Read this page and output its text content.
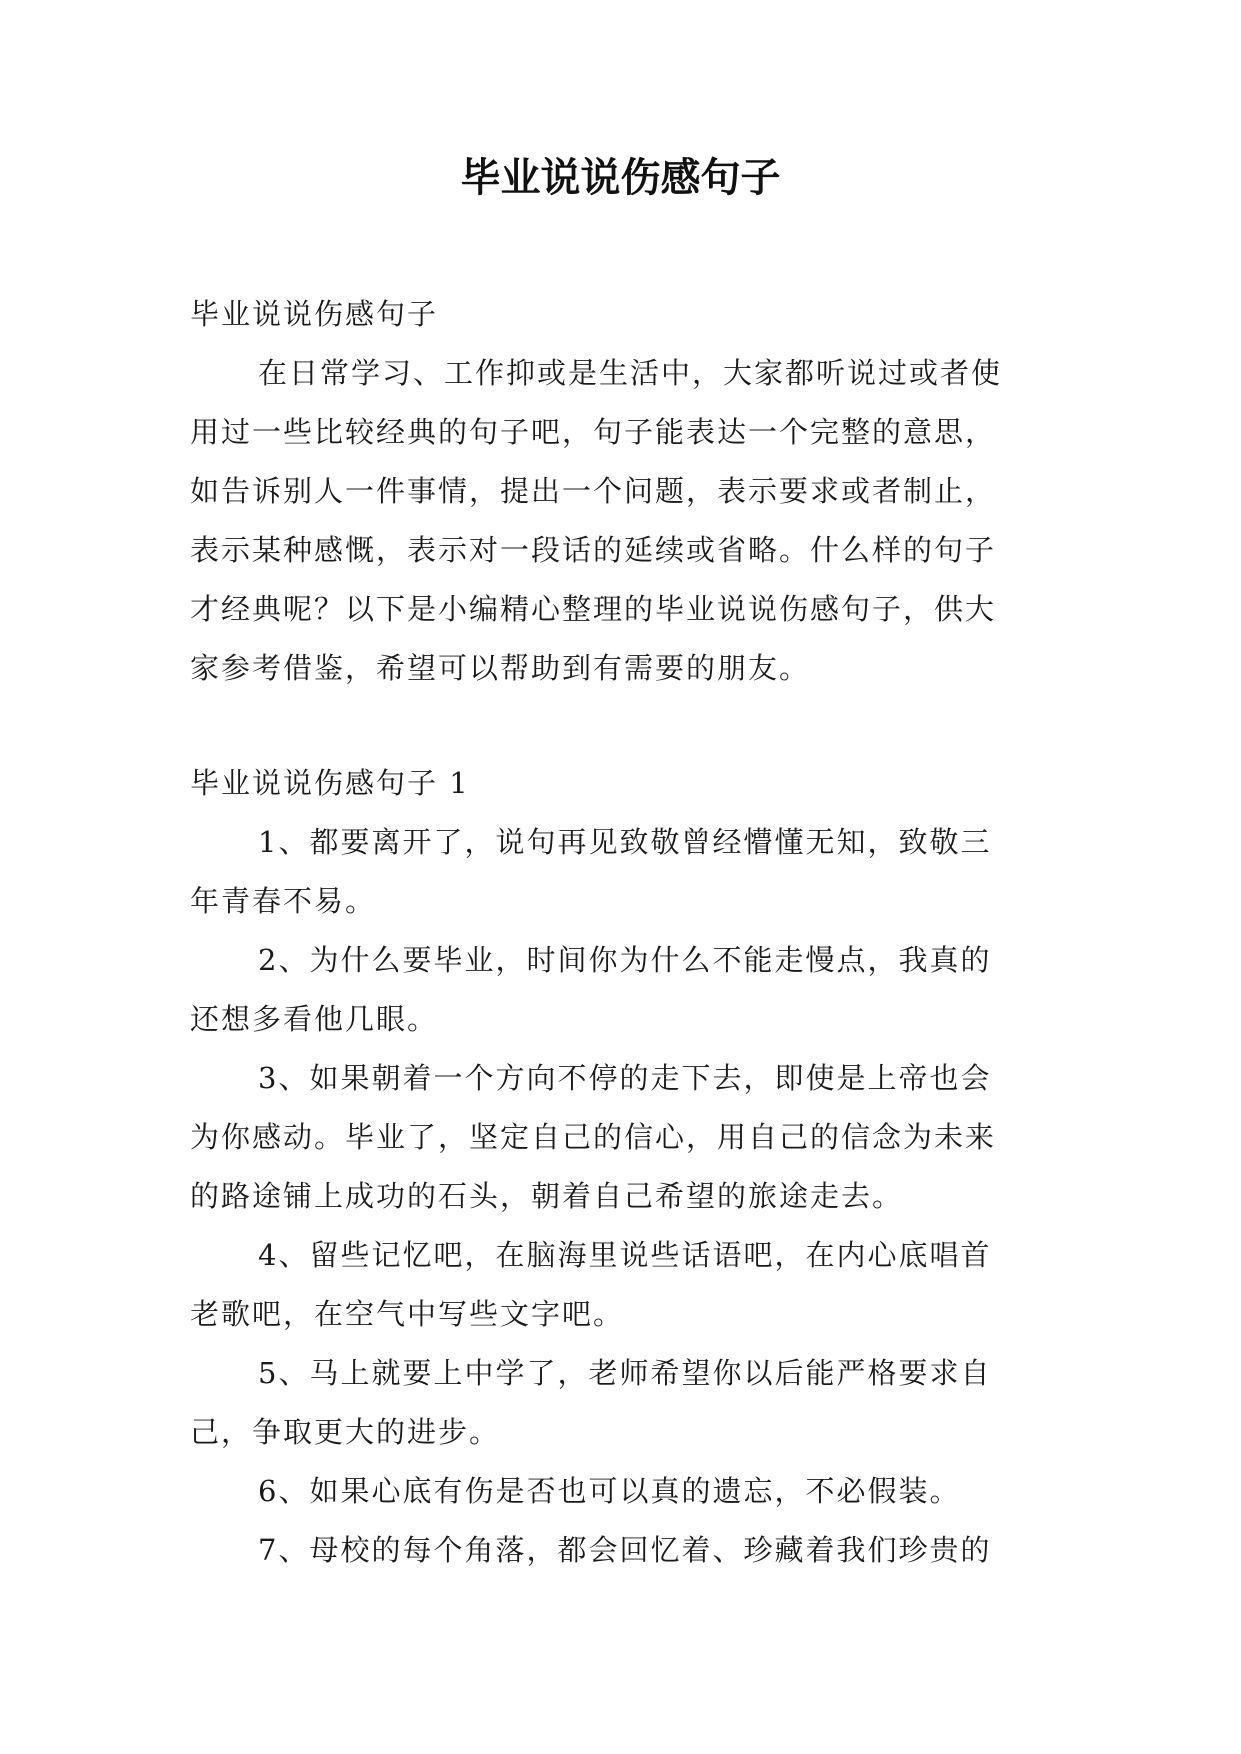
毕业说说伤感句子
毕业说说伤感句子
在日常学习、工作抑或是生活中，大家都听说过或者使
用过一些比较经典的句子吧，句子能表达一个完整的意思，
如告诉别人一件事情，提出一个问题，表示要求或者制止，
表示某种感慨，表示对一段话的延续或省略。什么样的句子
才经典呢？以下是小编精心整理的毕业说说伤感句子，供大
家参考借鉴，希望可以帮助到有需要的朋友。
毕业说说伤感句子 1
1、都要离开了，说句再见致敬曾经懵懂无知，致敬三
年青春不易。
2、为什么要毕业，时间你为什么不能走慢点，我真的
还想多看他几眼。
3、如果朝着一个方向不停的走下去，即使是上帝也会
为你感动。毕业了，坚定自己的信心，用自己的信念为未来
的路途铺上成功的石头，朝着自己希望的旅途走去。
4、留些记忆吧，在脑海里说些话语吧，在内心底唱首
老歌吧，在空气中写些文字吧。
5、马上就要上中学了，老师希望你以后能严格要求自
己，争取更大的进步。
6、如果心底有伤是否也可以真的遗忘，不必假装。
7、母校的每个角落，都会回忆着、珍藏着我们珍贵的
